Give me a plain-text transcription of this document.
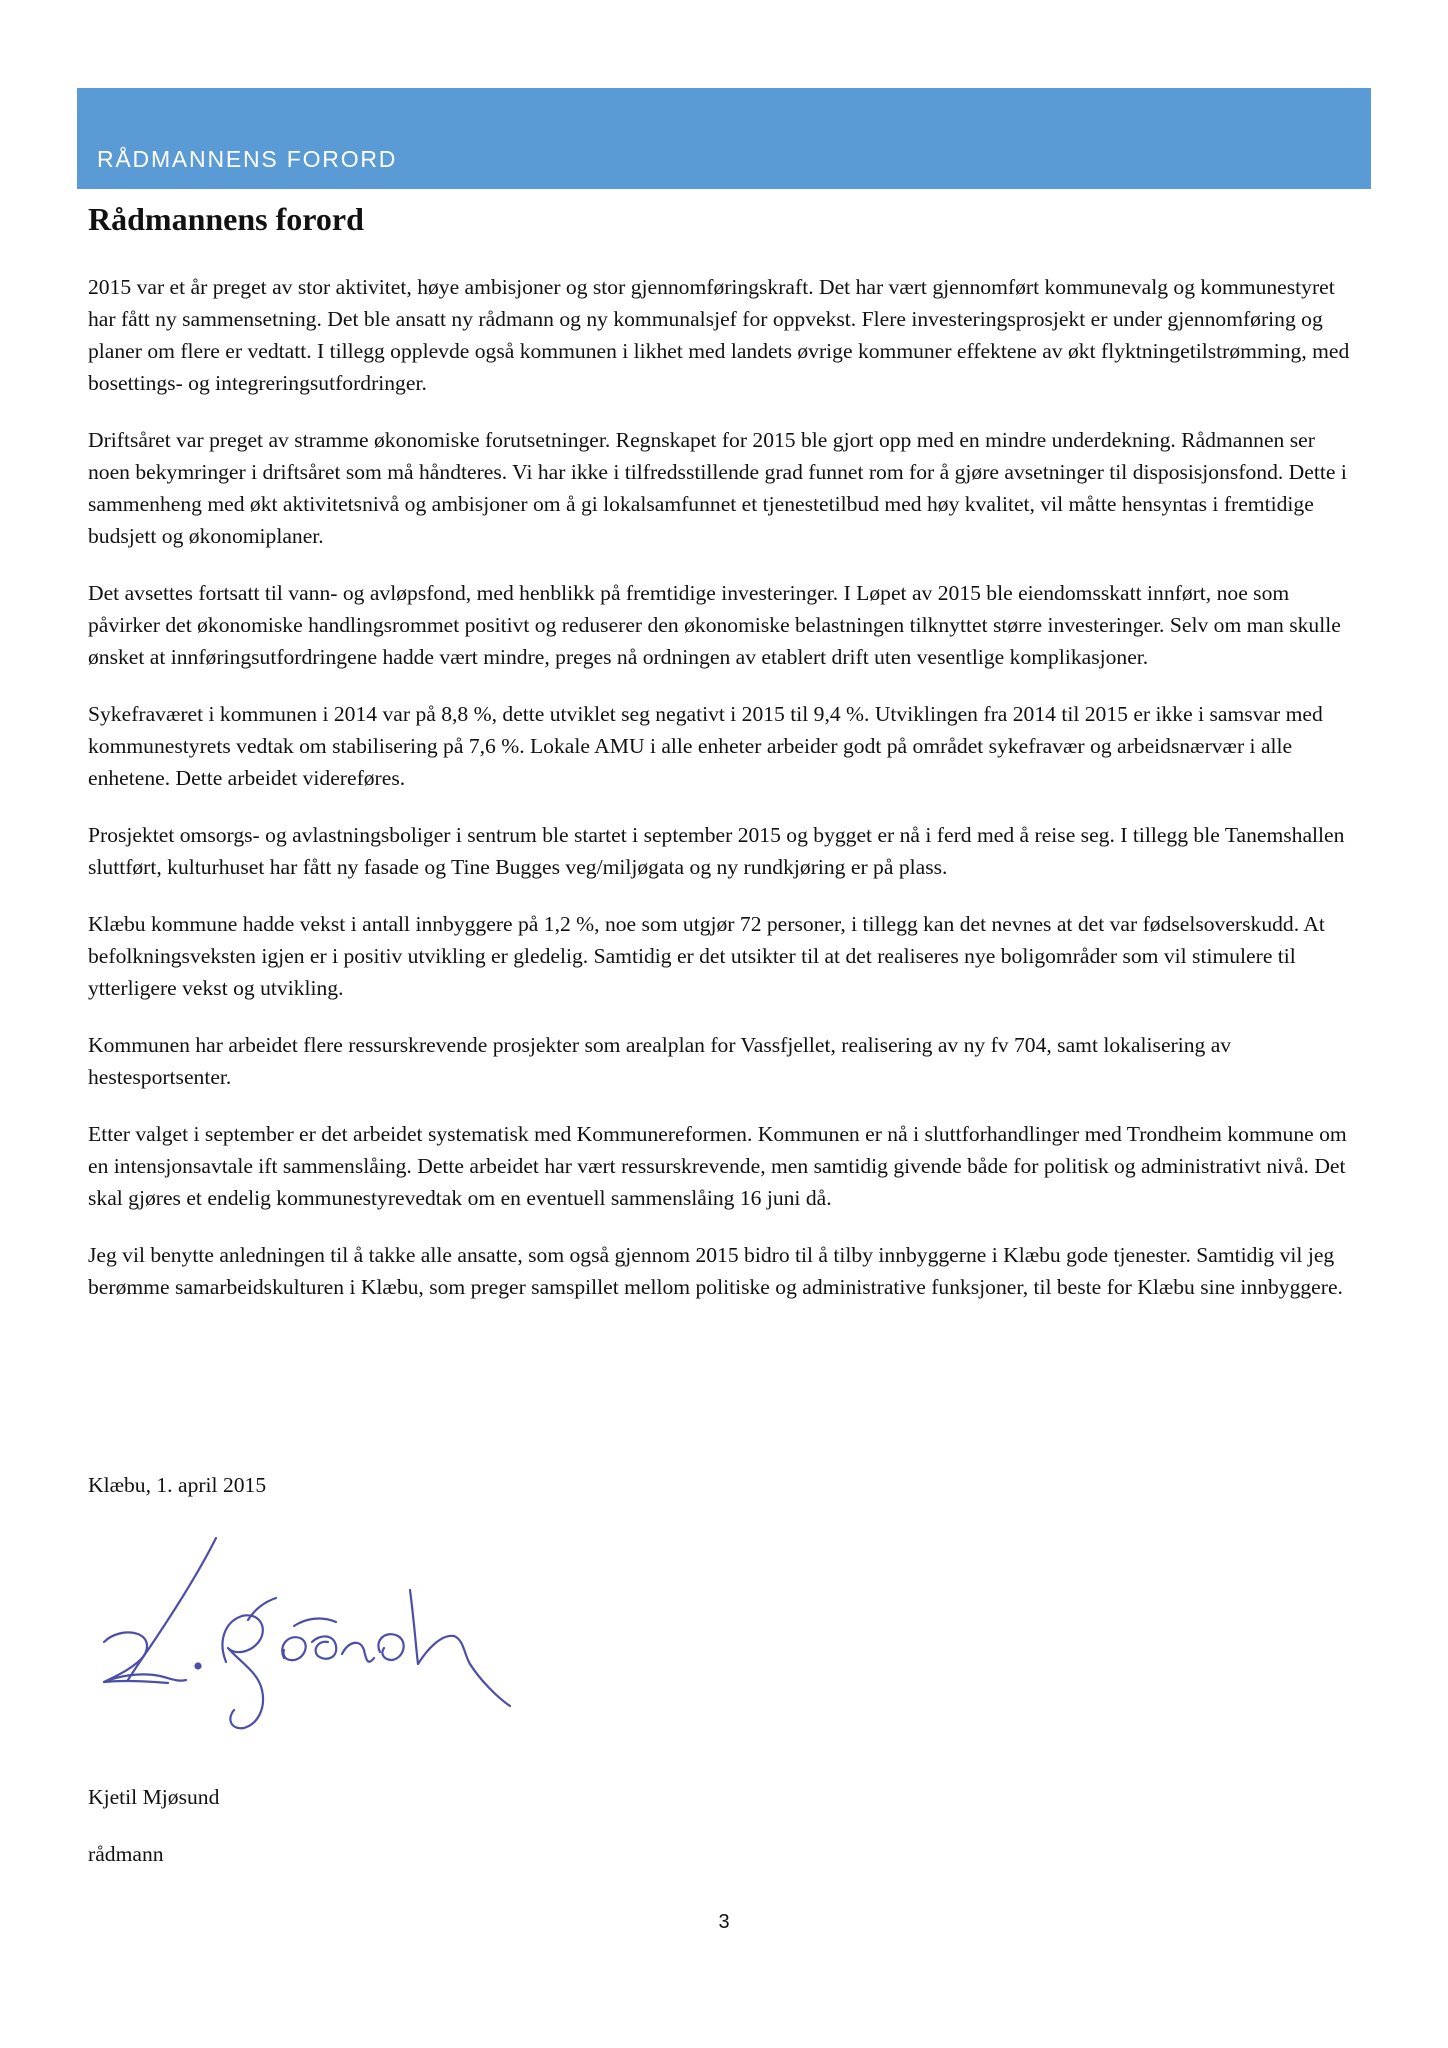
RÅDMANNENS FORORD
Rådmannens forord

2015 var et år preget av stor aktivitet, høye ambisjoner og stor gjennomføringskraft. Det har vært gjennomført kommunevalg og kommunestyret har fått ny sammensetning. Det ble ansatt ny rådmann og ny kommunalsjef for oppvekst. Flere investeringsprosjekt er under gjennomføring og planer om flere er vedtatt. I tillegg opplevde også kommunen i likhet med landets øvrige kommuner effektene av økt flyktningetilstrømming, med bosettings- og integreringsutfordringer.

Driftsåret var preget av stramme økonomiske forutsetninger. Regnskapet for 2015 ble gjort opp med en mindre underdekning. Rådmannen ser noen bekymringer i driftsåret som må håndteres. Vi har ikke i tilfredsstillende grad funnet rom for å gjøre avsetninger til disposisjonsfond. Dette i sammenheng med økt aktivitetsnivå og ambisjoner om å gi lokalsamfunnet et tjenestetilbud med høy kvalitet, vil måtte hensyntas i fremtidige budsjett og økonomiplaner.

Det avsettes fortsatt til vann- og avløpsfond, med henblikk på fremtidige investeringer. I Løpet av 2015 ble eiendomsskatt innført, noe som påvirker det økonomiske handlingsrommet positivt og reduserer den økonomiske belastningen tilknyttet større investeringer. Selv om man skulle ønsket at innføringsutfordringene hadde vært mindre, preges nå ordningen av etablert drift uten vesentlige komplikasjoner.

Sykefraværet i kommunen i 2014 var på 8,8 %, dette utviklet seg negativt i 2015 til 9,4 %. Utviklingen fra 2014 til 2015 er ikke i samsvar med kommunestyrets vedtak om stabilisering på 7,6 %. Lokale AMU i alle enheter arbeider godt på området sykefravær og arbeidsnærvær i alle enhetene. Dette arbeidet videreføres.

Prosjektet omsorgs- og avlastningsboliger i sentrum ble startet i september 2015 og bygget er nå i ferd med å reise seg. I tillegg ble Tanemshallen sluttført, kulturhuset har fått ny fasade og Tine Bugges veg/miljøgata og ny rundkjøring er på plass.

Klæbu kommune hadde vekst i antall innbyggere på 1,2 %, noe som utgjør 72 personer, i tillegg kan det nevnes at det var fødselsoverskudd. At befolkningsveksten igjen er i positiv utvikling er gledelig. Samtidig er det utsikter til at det realiseres nye boligområder som vil stimulere til ytterligere vekst og utvikling.

Kommunen har arbeidet flere ressurskrevende prosjekter som arealplan for Vassfjellet, realisering av ny fv 704, samt lokalisering av hestesportsenter.

Etter valget i september er det arbeidet systematisk med Kommunereformen. Kommunen er nå i sluttforhandlinger med Trondheim kommune om en intensjonsavtale ift sammenslåing. Dette arbeidet har vært ressurskrevende, men samtidig givende både for politisk og administrativt nivå. Det skal gjøres et endelig kommunestyrevedtak om en eventuell sammenslåing 16 juni då.

Jeg vil benytte anledningen til å takke alle ansatte, som også gjennom 2015 bidro til å tilby innbyggerne i Klæbu gode tjenester. Samtidig vil jeg berømme samarbeidskulturen i Klæbu, som preger samspillet mellom politiske og administrative funksjoner, til beste for Klæbu sine innbyggere.

Klæbu, 1. april 2015

Kjetil Mjøsund

rådmann

3
